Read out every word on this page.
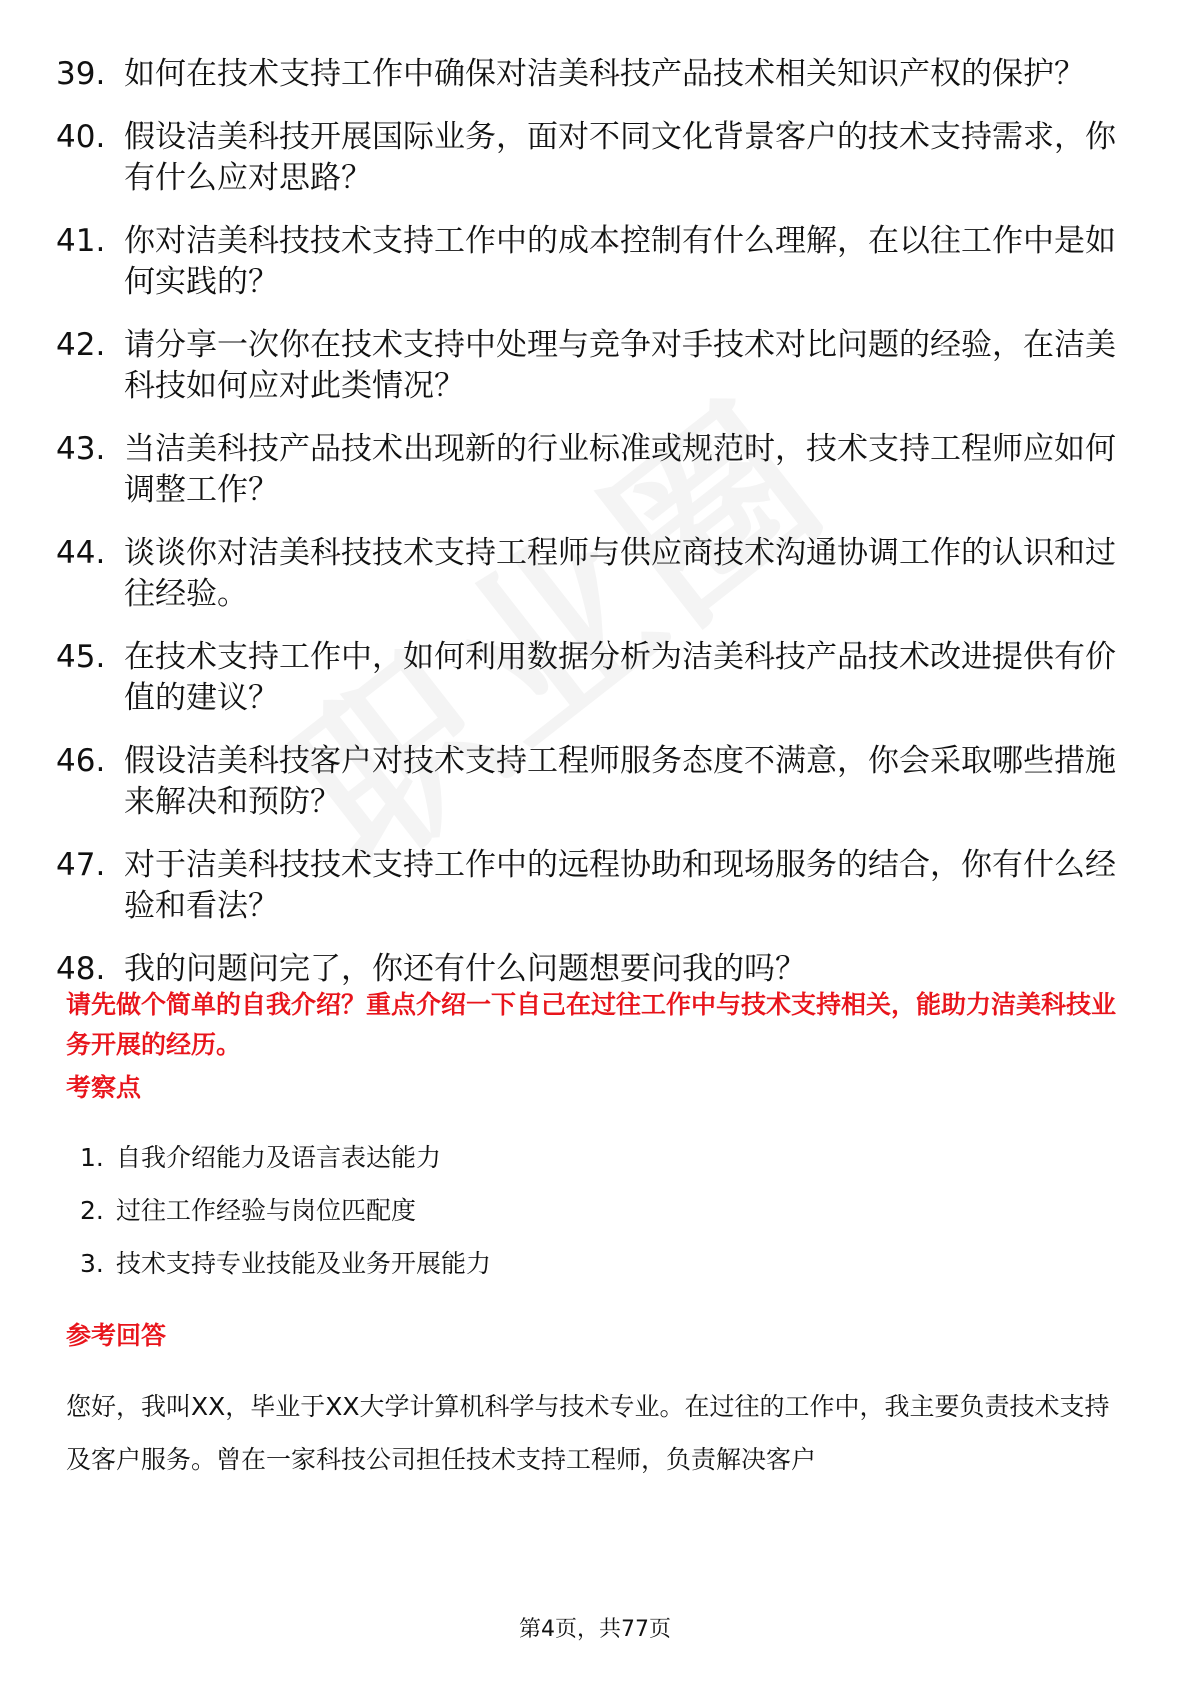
39. 如何在技术支持工作中确保对洁美科技产品技术相关知识产权的保护？
40. 假设洁美科技开展国际业务，面对不同文化背景客户的技术支持需求，你有什么应对思路？
41. 你对洁美科技技术支持工作中的成本控制有什么理解，在以往工作中是如何实践的？
42. 请分享一次你在技术支持中处理与竞争对手技术对比问题的经验，在洁美科技如何应对此类情况？
43. 当洁美科技产品技术出现新的行业标准或规范时，技术支持工程师应如何调整工作？
44. 谈谈你对洁美科技技术支持工程师与供应商技术沟通协调工作的认识和过往经验。
45. 在技术支持工作中，如何利用数据分析为洁美科技产品技术改进提供有价值的建议？
46. 假设洁美科技客户对技术支持工程师服务态度不满意，你会采取哪些措施来解决和预防？
47. 对于洁美科技技术支持工作中的远程协助和现场服务的结合，你有什么经验和看法？
48. 我的问题问完了，你还有什么问题想要问我的吗？
请先做个简单的自我介绍？重点介绍一下自己在过往工作中与技术支持相关，能助力洁美科技业务开展的经历。
考察点
1. 自我介绍能力及语言表达能力
2. 过往工作经验与岗位匹配度
3. 技术支持专业技能及业务开展能力
参考回答
您好，我叫XX，毕业于XX大学计算机科学与技术专业。在过往的工作中，我主要负责技术支持及客户服务。曾在一家科技公司担任技术支持工程师，负责解决客户
第4页，共77页
